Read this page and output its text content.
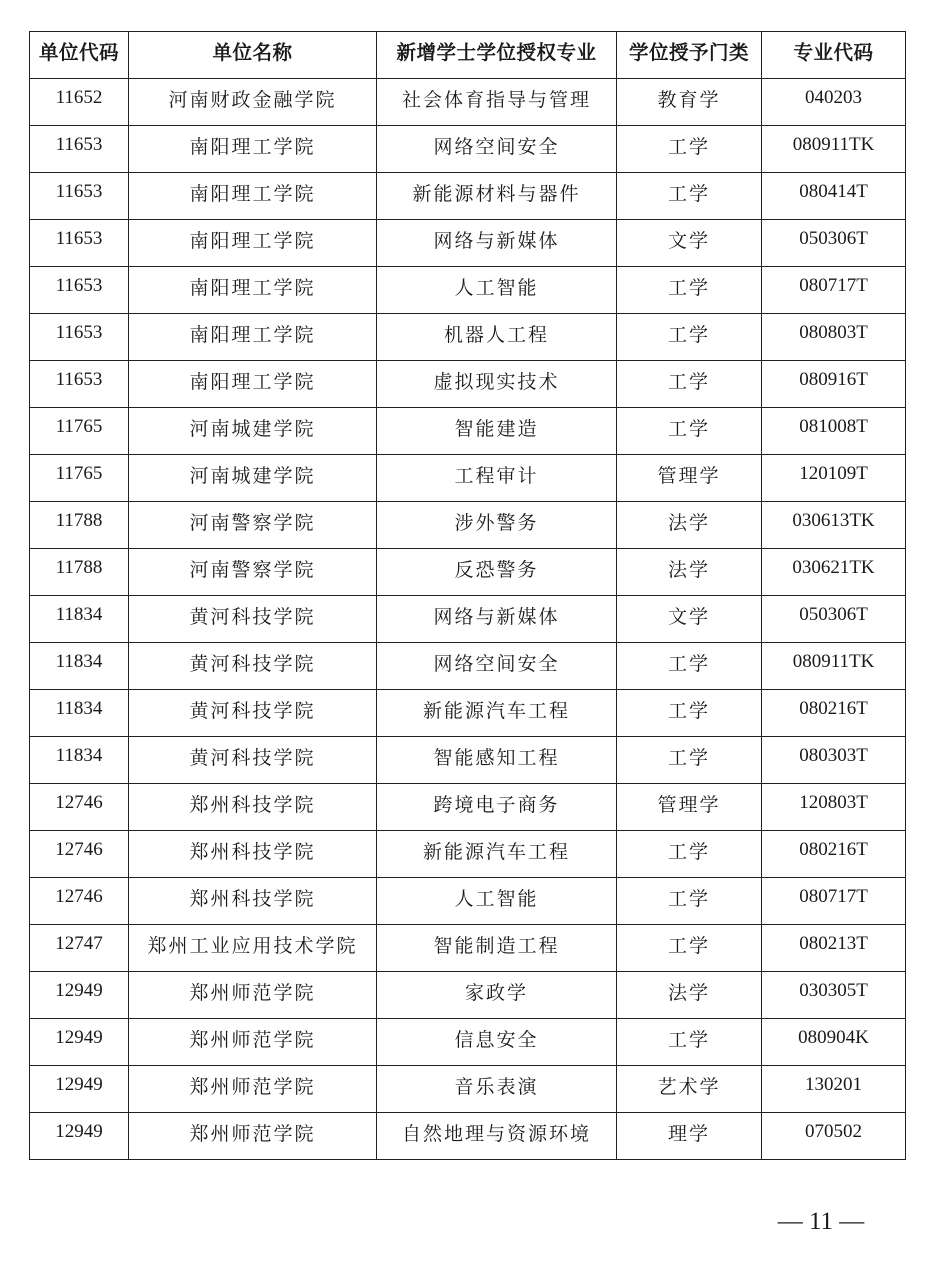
单位代码	单位名称	新增学士学位授权专业	学位授予门类	专业代码
11652	河南财政金融学院	社会体育指导与管理	教育学	040203
11653	南阳理工学院	网络空间安全	工学	080911TK
11653	南阳理工学院	新能源材料与器件	工学	080414T
11653	南阳理工学院	网络与新媒体	文学	050306T
11653	南阳理工学院	人工智能	工学	080717T
11653	南阳理工学院	机器人工程	工学	080803T
11653	南阳理工学院	虚拟现实技术	工学	080916T
11765	河南城建学院	智能建造	工学	081008T
11765	河南城建学院	工程审计	管理学	120109T
11788	河南警察学院	涉外警务	法学	030613TK
11788	河南警察学院	反恐警务	法学	030621TK
11834	黄河科技学院	网络与新媒体	文学	050306T
11834	黄河科技学院	网络空间安全	工学	080911TK
11834	黄河科技学院	新能源汽车工程	工学	080216T
11834	黄河科技学院	智能感知工程	工学	080303T
12746	郑州科技学院	跨境电子商务	管理学	120803T
12746	郑州科技学院	新能源汽车工程	工学	080216T
12746	郑州科技学院	人工智能	工学	080717T
12747	郑州工业应用技术学院	智能制造工程	工学	080213T
12949	郑州师范学院	家政学	法学	030305T
12949	郑州师范学院	信息安全	工学	080904K
12949	郑州师范学院	音乐表演	艺术学	130201
12949	郑州师范学院	自然地理与资源环境	理学	070502
— 11 —
